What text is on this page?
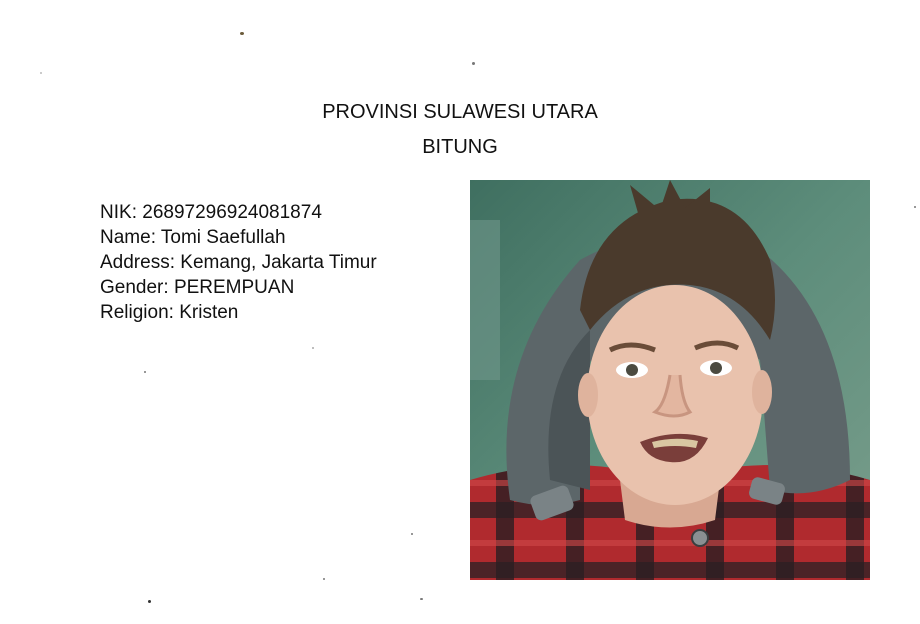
PROVINSI SULAWESI UTARA
BITUNG
NIK: 26897296924081874
Name: Tomi Saefullah
Address: Kemang, Jakarta Timur
Gender: PEREMPUAN
Religion: Kristen
